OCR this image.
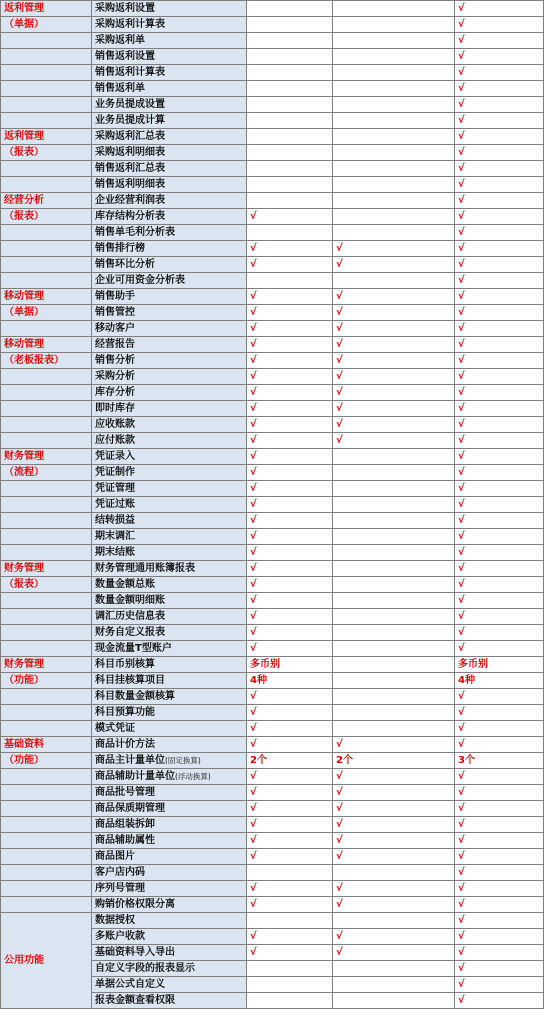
返利管理	采购返利设置			√
（单据）	采购返利计算表			√
	采购返利单			√
	销售返利设置			√
	销售返利计算表			√
	销售返利单			√
	业务员提成设置			√
	业务员提成计算			√
返利管理	采购返利汇总表			√
（报表）	采购返利明细表			√
	销售返利汇总表			√
	销售返利明细表			√
经营分析	企业经营利润表			√
（报表）	库存结构分析表	√		√
	销售单毛利分析表			√
	销售排行榜	√	√	√
	销售环比分析	√	√	√
	企业可用资金分析表			√
移动管理	销售助手	√	√	√
（单据）	销售管控	√	√	√
	移动客户	√	√	√
移动管理	经营报告	√	√	√
（老板报表）	销售分析	√	√	√
	采购分析	√	√	√
	库存分析	√	√	√
	即时库存	√	√	√
	应收账款	√	√	√
	应付账款	√	√	√
财务管理	凭证录入	√		√
（流程）	凭证制作	√		√
	凭证管理	√		√
	凭证过账	√		√
	结转损益	√		√
	期末调汇	√		√
	期末结账	√		√
财务管理	财务管理通用账簿报表	√		√
（报表）	数量金额总账	√		√
	数量金额明细账	√		√
	调汇历史信息表	√		√
	财务自定义报表	√		√
	现金流量T型账户	√		√
财务管理	科目币别核算	多币别		多币别
（功能）	科目挂核算项目	4种		4种
	科目数量金额核算	√		√
	科目预算功能	√		√
	模式凭证	√		√
基础资料	商品计价方法	√	√	√
（功能）	商品主计量单位(固定换算)	2个	2个	3个
	商品辅助计量单位(浮动换算)	√	√	√
	商品批号管理	√	√	√
	商品保质期管理	√	√	√
	商品组装拆卸	√	√	√
	商品辅助属性	√	√	√
	商品图片	√	√	√
	客户店内码			√
	序列号管理	√	√	√
	购销价格权限分离	√	√	√
公用功能	数据授权			√
	多账户收款	√	√	√
	基础资料导入导出	√	√	√
	自定义字段的报表显示			√
	单据公式自定义			√
	报表金额查看权限			√
